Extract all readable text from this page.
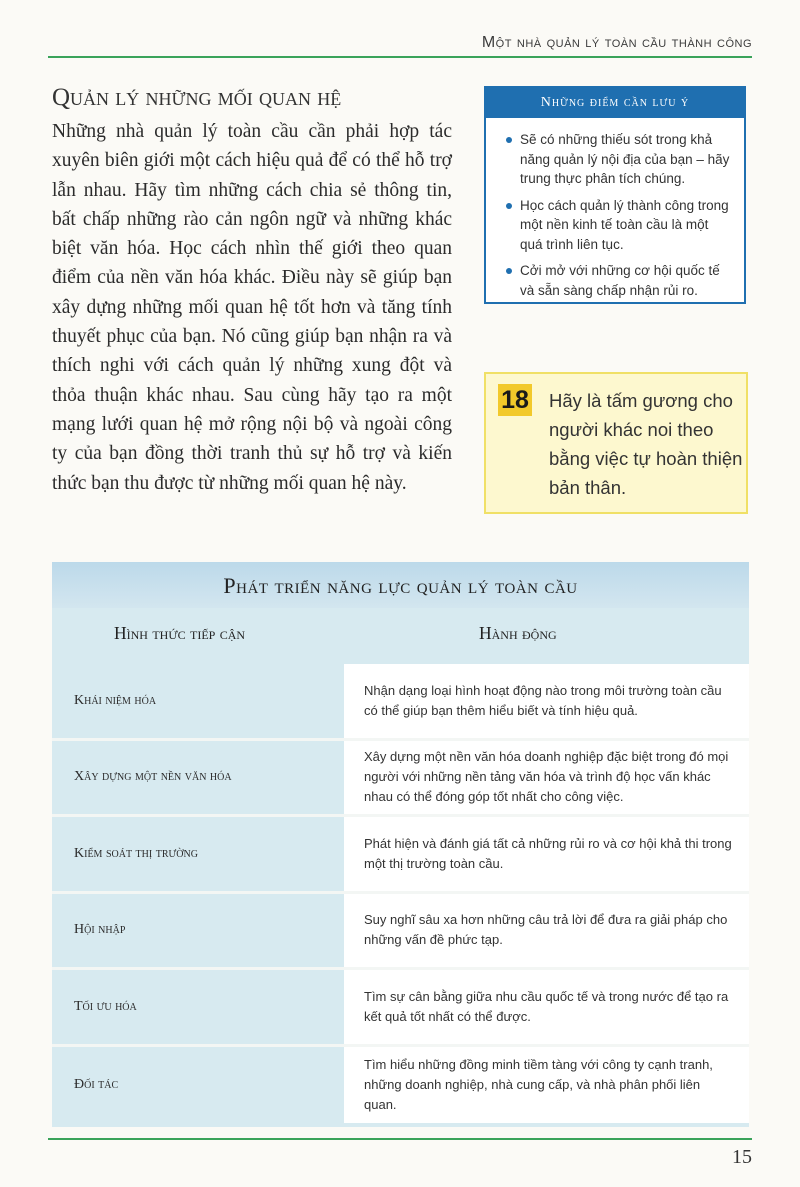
Một nhà quản lý toàn cầu thành công
Quản lý những mối quan hệ
Những nhà quản lý toàn cầu cần phải hợp tác xuyên biên giới một cách hiệu quả để có thể hỗ trợ lẫn nhau. Hãy tìm những cách chia sẻ thông tin, bất chấp những rào cản ngôn ngữ và những khác biệt văn hóa. Học cách nhìn thế giới theo quan điểm của nền văn hóa khác. Điều này sẽ giúp bạn xây dựng những mối quan hệ tốt hơn và tăng tính thuyết phục của bạn. Nó cũng giúp bạn nhận ra và thích nghi với cách quản lý những xung đột và thỏa thuận khác nhau. Sau cùng hãy tạo ra một mạng lưới quan hệ mở rộng nội bộ và ngoài công ty của bạn đồng thời tranh thủ sự hỗ trợ và kiến thức bạn thu được từ những mối quan hệ này.
Những điểm cần lưu ý
Sẽ có những thiếu sót trong khả năng quản lý nội địa của bạn – hãy trung thực phân tích chúng.
Học cách quản lý thành công trong một nền kinh tế toàn cầu là một quá trình liên tục.
Cởi mở với những cơ hội quốc tế và sẵn sàng chấp nhận rủi ro.
18 Hãy là tấm gương cho người khác noi theo bằng việc tự hoàn thiện bản thân.
Phát triển năng lực quản lý toàn cầu
Hình thức tiếp cận	Hành động
Khái niệm hóa
Nhận dạng loại hình hoạt động nào trong môi trường toàn cầu có thể giúp bạn thêm hiểu biết và tính hiệu quả.
Xây dựng một nền văn hóa
Xây dựng một nền văn hóa doanh nghiệp đặc biệt trong đó mọi người với những nền tảng văn hóa và trình độ học vấn khác nhau có thể đóng góp tốt nhất cho công việc.
Kiểm soát thị trường
Phát hiện và đánh giá tất cả những rủi ro và cơ hội khả thi trong một thị trường toàn cầu.
Hội nhập
Suy nghĩ sâu xa hơn những câu trả lời để đưa ra giải pháp cho những vấn đề phức tạp.
Tối ưu hóa
Tìm sự cân bằng giữa nhu cầu quốc tế và trong nước để tạo ra kết quả tốt nhất có thể được.
Đối tác
Tìm hiểu những đồng minh tiềm tàng với công ty cạnh tranh, những doanh nghiệp, nhà cung cấp, và nhà phân phối liên quan.
15
